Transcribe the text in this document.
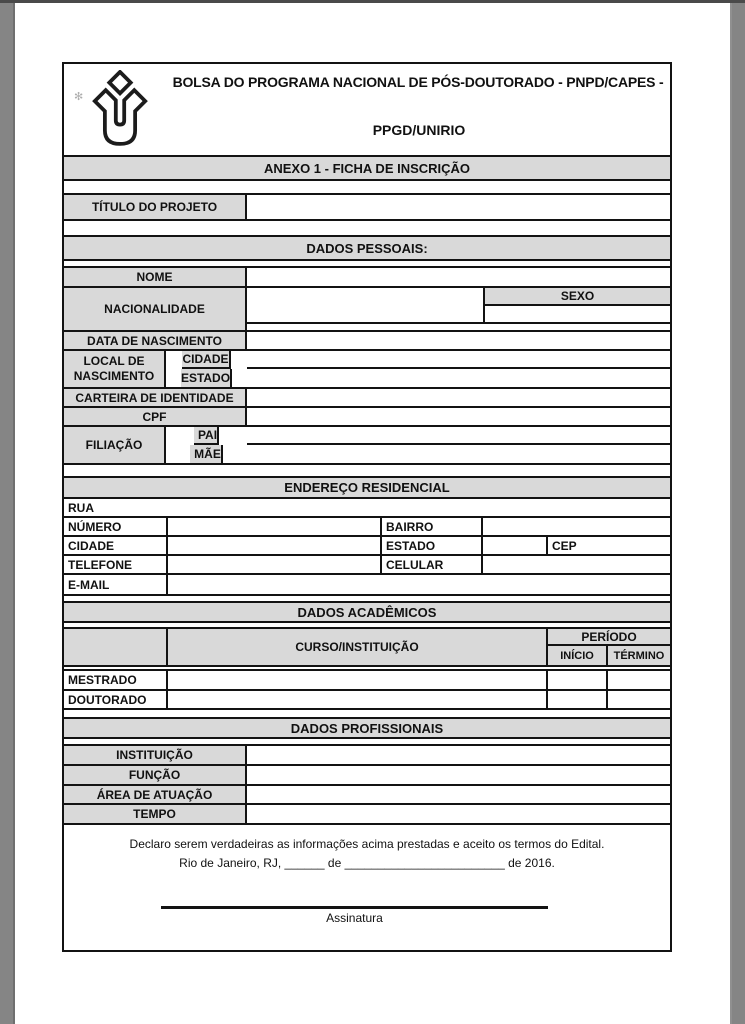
✻
BOLSA DO PROGRAMA NACIONAL DE PÓS-DOUTORADO - PNPD/CAPES -
PPGD/UNIRIO
ANEXO 1 - FICHA DE INSCRIÇÃO
TÍTULO DO PROJETO
DADOS PESSOAIS:
NOME
NACIONALIDADE
SEXO
DATA DE NASCIMENTO
LOCAL DE NASCIMENTO
CIDADE
ESTADO
CARTEIRA DE IDENTIDADE
CPF
FILIAÇÃO
PAI
MÃE
ENDEREÇO RESIDENCIAL
RUA
NÚMERO	BAIRRO
CIDADE	ESTADO	CEP
TELEFONE	CELULAR
E-MAIL
DADOS ACADÊMICOS
CURSO/INSTITUIÇÃO
PERÍODO
INÍCIO	TÉRMINO
MESTRADO
DOUTORADO
DADOS PROFISSIONAIS
INSTITUIÇÃO
FUNÇÃO
ÁREA DE ATUAÇÃO
TEMPO
Declaro serem verdadeiras as informações acima prestadas e aceito os termos do Edital.
Rio de Janeiro, RJ, ______ de ________________________ de 2016.
Assinatura
